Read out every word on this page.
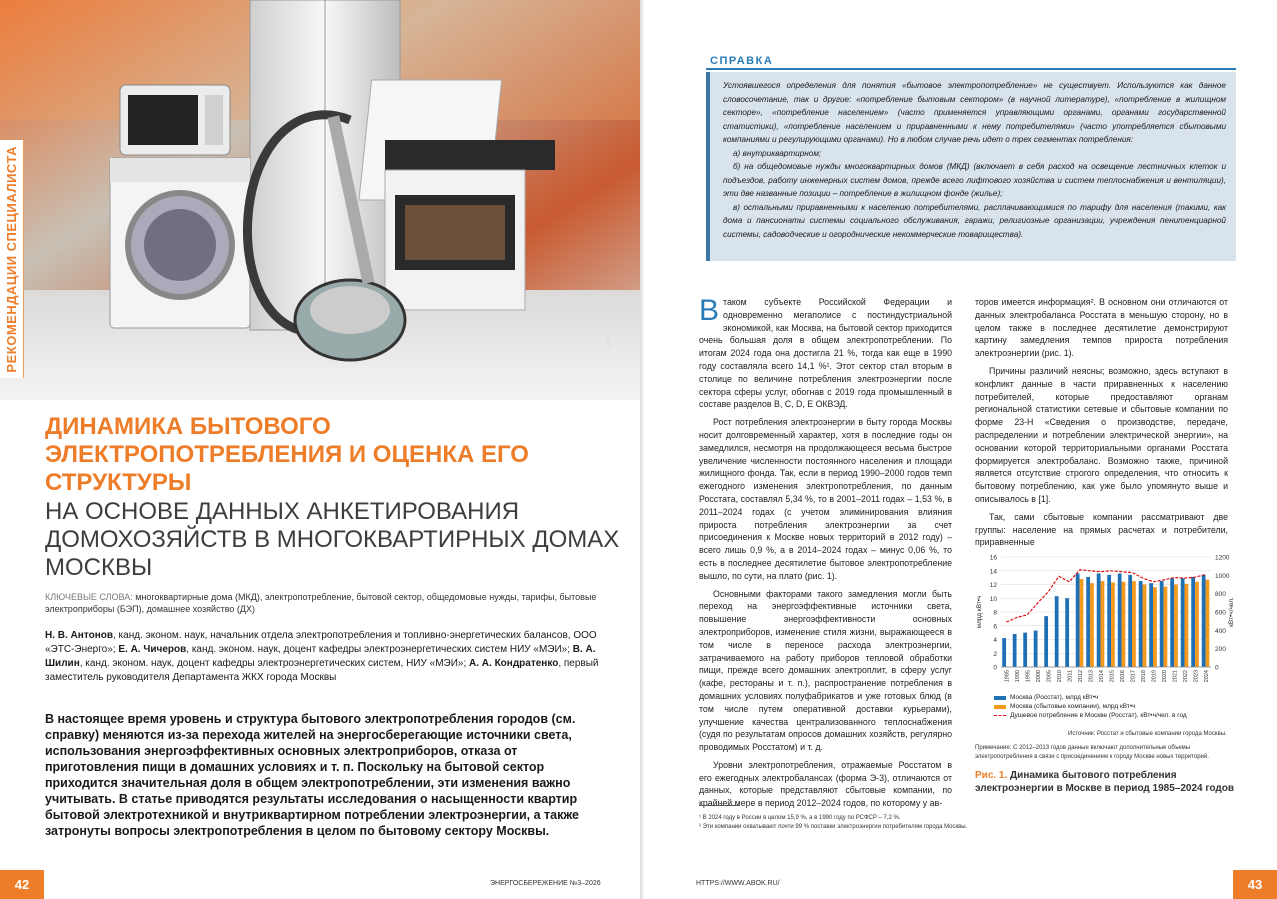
РЕКОМЕНДАЦИИ СПЕЦИАЛИСТА	depositphotos.com
ДИНАМИКА БЫТОВОГО ЭЛЕКТРОПОТРЕБЛЕНИЯ И ОЦЕНКА ЕГО СТРУКТУРЫ
НА ОСНОВЕ ДАННЫХ АНКЕТИРОВАНИЯ ДОМОХОЗЯЙСТВ В МНОГОКВАРТИРНЫХ ДОМАХ МОСКВЫ
КЛЮЧЕВЫЕ СЛОВА: многоквартирные дома (МКД), электропотребление, бытовой сектор, общедомовые нужды, тарифы, бытовые электроприборы (БЭП), домашнее хозяйство (ДХ)
Н. В. Антонов, канд. эконом. наук, начальник отдела электропотребления и топливно-энергетических балансов, ООО «ЭТС-Энерго»; Е. А. Чичеров, канд. эконом. наук, доцент кафедры электроэнергетических систем НИУ «МЭИ»; В. А. Шилин, канд. эконом. наук, доцент кафедры электроэнергетических систем, НИУ «МЭИ»; А. А. Кондратенко, первый заместитель руководителя Департамента ЖКХ города Москвы
В настоящее время уровень и структура бытового электропотребления городов (см. справку) меняются из-за перехода жителей на энергосберегающие источники света, использования энергоэффективных основных электроприборов, отказа от приготовления пищи в домашних условиях и т. п. Поскольку на бытовой сектор приходится значительная доля в общем электропотреблении, эти изменения важно учитывать. В статье приводятся результаты исследования о насыщенности квартир бытовой электротехникой и внутриквартирном потреблении электроэнергии, а также затронуты вопросы электропотребления в целом по бытовому сектору Москвы.
42	ЭНЕРГОСБЕРЕЖЕНИЕ №3–2026
СПРАВКА

Устоявшегося определения для понятия «бытовое электропотребление» не существует. Используются как данное словосочетание, так и другие: «потребление бытовым сектором» (в научной литературе), «потребление в жилищном секторе», «потребление населением» (часто применяется управляющими органами, органами государственной статистики), «потребление населением и приравненными к нему потребителями» (часто употребляется сбытовыми компаниями и регулирующими органами). Но в любом случае речь идет о трех сегментах потребления:

а) внутриквартирном;

б) на общедомовые нужды многоквартирных домов (МКД) (включает в себя расход на освещение лестничных клеток и подъездов, работу инженерных систем домов, прежде всего лифтового хозяйства и систем теплоснабжения и вентиляции), эти две названные позиции – потребление в жилищном фонде (жилье);

в) остальными приравненными к населению потребителями, расплачивающимися по тарифу для населения (такими, как дома и пансионаты системы социального обслуживания, гаражи, религиозные организации, учреждения пенитенциарной системы, садоводческие и огороднические некоммерческие товарищества).

В таком субъекте Российской Федерации и одновременно мегаполисе с постиндустриальной экономикой, как Москва, на бытовой сектор приходится очень большая доля в общем электропотреблении. По итогам 2024 года она достигла 21 %, тогда как еще в 1990 году составляла всего 14,1 %¹. Этот сектор стал вторым в столице по величине потребления электроэнергии после сектора сферы услуг, обогнав с 2019 года промышленный в составе разделов B, C, D, E ОКВЭД.

Рост потребления электроэнергии в быту города Москвы носит долговременный характер, хотя в последние годы он замедлился, несмотря на продолжающееся весьма быстрое увеличение численности постоянного населения и площади жилищного фонда. Так, если в период 1990–2000 годов темп ежегодного изменения электропотребления, по данным Росстата, составлял 5,34 %, то в 2001–2011 годах – 1,53 %, в 2011–2024 годах (с учетом элиминирования влияния прироста потребления электроэнергии за счет присоединения к Москве новых территорий в 2012 году) – всего лишь 0,9 %, а в 2014–2024 годах – минус 0,06 %, то есть в последнее десятилетие бытовое электропотребление вышло, по сути, на плато (рис. 1).

Основными факторами такого замедления могли быть переход на энергоэффективные источники света, повышение энергоэффективности основных электроприборов, изменение стиля жизни, выражающееся в том числе в переносе расхода электроэнергии, затрачиваемого на работу приборов тепловой обработки пищи, прежде всего домашних электроплит, в сферу услуг (кафе, рестораны и т. п.), распространение потребления в домашних условиях полуфабрикатов и уже готовых блюд (в том числе путем оперативной доставки курьерами), улучшение качества централизованного теплоснабжения (судя по результатам опросов домашних хозяйств, регулярно проводимых Росстатом) и т. д.

Уровни электропотребления, отражаемые Росстатом в его ежегодных электробалансах (форма Э-3), отличаются от данных, которые представляют сбытовые компании, по крайней мере в период 2012–2024 годов, по которому у ав-

торов имеется информация². В основном они отличаются от данных электробаланса Росстата в меньшую сторону, но в целом также в последнее десятилетие демонстрируют картину замедления темпов прироста потребления электроэнергии (рис. 1).

Причины различий неясны; возможно, здесь вступают в конфликт данные в части приравненных к населению потребителей, которые предоставляют органам региональной статистики сетевые и сбытовые компании по форме 23-Н «Сведения о производстве, передаче, распределении и потреблении электрической энергии», на основании которой территориальными органами Росстата формируется электробаланс. Возможно также, причиной является отсутствие строгого определения, что относить к бытовому потреблению, как уже было упомянуто выше и описывалось в [1].

Так, сами сбытовые компании рассматривают две группы: население на прямых расчетах и потребители, приравненные

0
2
4
6
8
10
12
14
16
0
200
400
600
800
1000
1200
млрд кВт•ч	кВт•ч/чел.
1985 1990 1995 2000 2005 2010 2011 2012 2013 2014 2015 2016 2017 2018 2019 2020 2021 2022 2023 2024
Москва (Росстат), млрд кВт•ч
Москва (сбытовые компании), млрд кВт•ч
Душевое потребление в Москве (Росстат), кВт•ч/чел. в год
Источник: Росстат и сбытовые компании города Москвы.
Примечание: С 2012–2013 годов данные включают дополнительные объемы электропотребления в связи с присоединением к городу Москве новых территорий.
Рис. 1. Динамика бытового потребления электроэнергии в Москве в период 1985–2024 годов
¹ В 2024 году в России в целом 15,9 %, а в 1990 году по РСФСР – 7,2 %.
² Эти компании охватывают почти 99 % поставки электроэнергии потребителям города Москвы.
HTTPS://WWW.ABOK.RU/	43
